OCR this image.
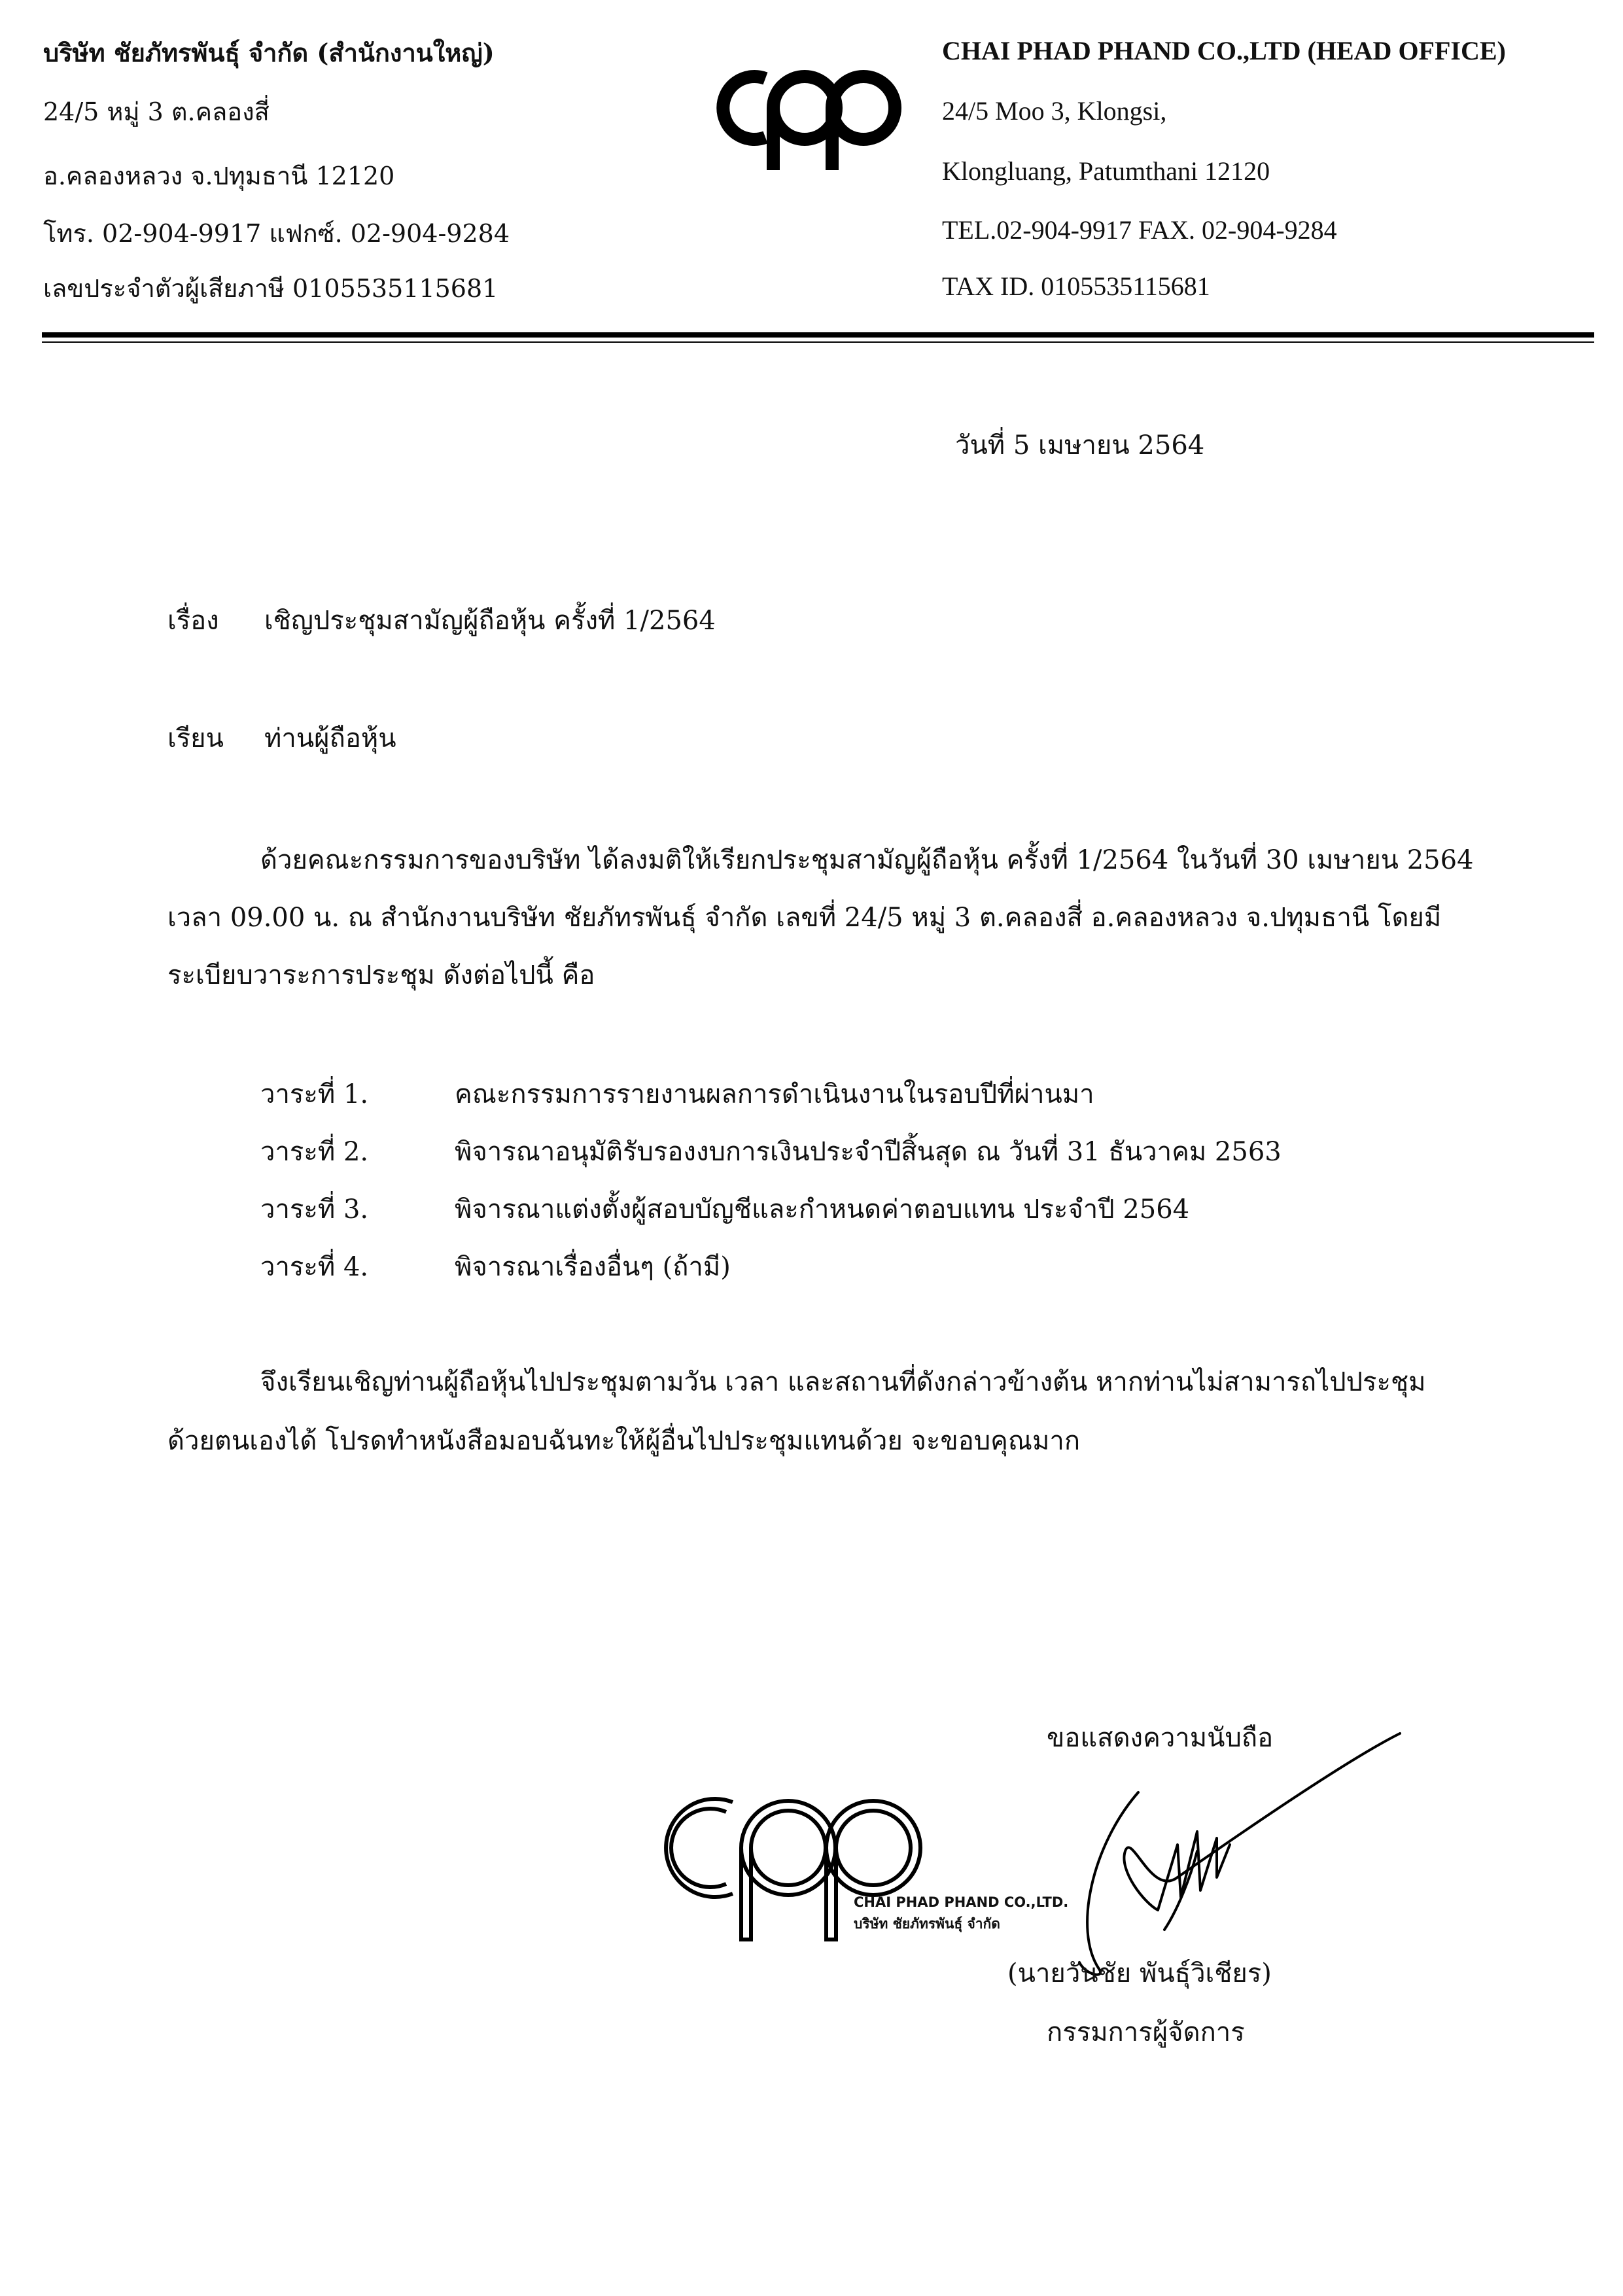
บริษัท ชัยภัทรพันธุ์ จำกัด (สำนักงานใหญ่)
24/5 หมู่ 3 ต.คลองสี่
อ.คลองหลวง จ.ปทุมธานี 12120
โทร. 02-904-9917 แฟกซ์. 02-904-9284
เลขประจำตัวผู้เสียภาษี 0105535115681
CHAI PHAD PHAND CO.,LTD (HEAD OFFICE)
24/5 Moo 3, Klongsi,
Klongluang, Patumthani 12120
TEL.02-904-9917 FAX. 02-904-9284
TAX ID. 0105535115681
วันที่ 5 เมษายน 2564
เรื่อง เชิญประชุมสามัญผู้ถือหุ้น ครั้งที่ 1/2564
เรียน ท่านผู้ถือหุ้น
ด้วยคณะกรรมการของบริษัท ได้ลงมติให้เรียกประชุมสามัญผู้ถือหุ้น ครั้งที่ 1/2564 ในวันที่ 30 เมษายน 2564
เวลา 09.00 น. ณ สำนักงานบริษัท ชัยภัทรพันธุ์ จำกัด เลขที่ 24/5 หมู่ 3 ต.คลองสี่ อ.คลองหลวง จ.ปทุมธานี โดยมี
ระเบียบวาระการประชุม ดังต่อไปนี้ คือ
วาระที่ 1.	คณะกรรมการรายงานผลการดำเนินงานในรอบปีที่ผ่านมา
วาระที่ 2.	พิจารณาอนุมัติรับรองงบการเงินประจำปีสิ้นสุด ณ วันที่ 31 ธันวาคม 2563
วาระที่ 3.	พิจารณาแต่งตั้งผู้สอบบัญชีและกำหนดค่าตอบแทน ประจำปี 2564
วาระที่ 4.	พิจารณาเรื่องอื่นๆ (ถ้ามี)
จึงเรียนเชิญท่านผู้ถือหุ้นไปประชุมตามวัน เวลา และสถานที่ดังกล่าวข้างต้น หากท่านไม่สามารถไปประชุม
ด้วยตนเองได้ โปรดทำหนังสือมอบฉันทะให้ผู้อื่นไปประชุมแทนด้วย จะขอบคุณมาก
ขอแสดงความนับถือ
CHAI PHAD PHAND CO.,LTD.
บริษัท ชัยภัทรพันธุ์ จำกัด
(นายวันชัย พันธุ์วิเชียร)
กรรมการผู้จัดการ
